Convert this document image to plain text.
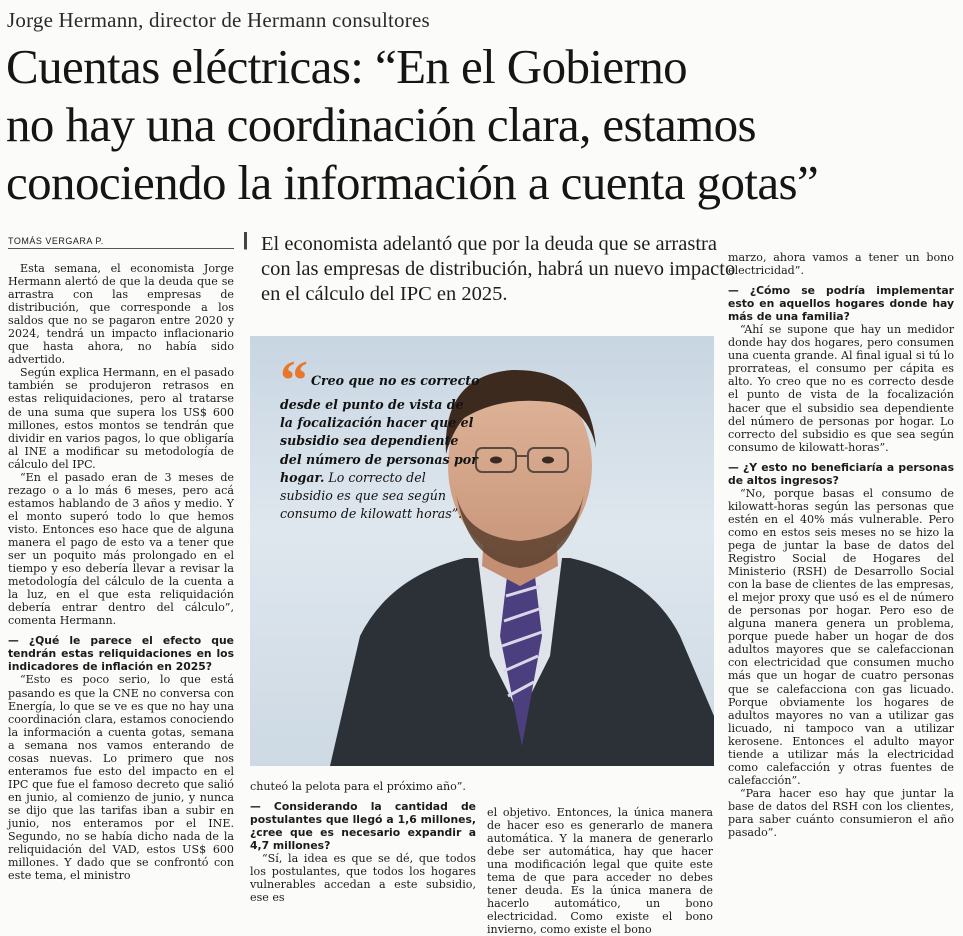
Jorge Hermann, director de Hermann consultores
Cuentas eléctricas: “En el Gobierno
no hay una coordinación clara, estamos
conociendo la información a cuenta gotas”
TOMÁS VERGARA P.

Esta semana, el economista Jorge Hermann alertó de que la deuda que se arrastra con las empresas de distribución, que corresponde a los saldos que no se pagaron entre 2020 y 2024, tendrá un impacto inflacionario que hasta ahora, no había sido advertido.

Según explica Hermann, en el pasado también se produjeron retrasos en estas reliquidaciones, pero al tratarse de una suma que supera los US$ 600 millones, estos montos se tendrán que dividir en varios pagos, lo que obligaría al INE a modificar su metodología de cálculo del IPC.

“En el pasado eran de 3 meses de rezago o a lo más 6 meses, pero acá estamos hablando de 3 años y medio. Y el monto superó todo lo que hemos visto. Entonces eso hace que de alguna manera el pago de esto va a tener que ser un poquito más prolongado en el tiempo y eso debería llevar a revisar la metodología del cálculo de la cuenta a la luz, en el que esta reliquidación debería entrar dentro del cálculo”, comenta Hermann.

— ¿Qué le parece el efecto que tendrán estas reliquidaciones en los indicadores de inflación en 2025?

“Esto es poco serio, lo que está pasando es que la CNE no conversa con Energía, lo que se ve es que no hay una coordinación clara, estamos conociendo la información a cuenta gotas, semana a semana nos vamos enterando de cosas nuevas. Lo primero que nos enteramos fue esto del impacto en el IPC que fue el famoso decreto que salió en junio, al comienzo de junio, y nunca se dijo que las tarifas iban a subir en junio, nos enteramos por el INE. Segundo, no se había dicho nada de la reliquidación del VAD, estos US$ 600 millones. Y dado que se confrontó con este tema, el ministro

El economista adelantó que por la deuda que se arrastra con las empresas de distribución, habrá un nuevo impacto en el cálculo del IPC en 2025.
“ Creo que no es correcto desde el punto de vista de la focalización hacer que el subsidio sea dependiente del número de personas por hogar. Lo correcto del subsidio es que sea según consumo de kilowatt horas”.
PICASA

chuteó la pelota para el próximo año”.

— Considerando la cantidad de postulantes que llegó a 1,6 millones, ¿cree que es necesario expandir a 4,7 millones?

“Sí, la idea es que se dé, que todos los postulantes, que todos los hogares vulnerables accedan a este subsidio, ese es

el objetivo. Entonces, la única manera de hacer eso es generarlo de manera automática. Y la manera de generarlo debe ser automática, hay que hacer una modificación legal que quite este tema de que para acceder no debes tener deuda. Es la única manera de hacerlo automático, un bono electricidad. Como existe el bono invierno, como existe el bono

marzo, ahora vamos a tener un bono electricidad”.

— ¿Cómo se podría implementar esto en aquellos hogares donde hay más de una familia?

“Ahí se supone que hay un medidor donde hay dos hogares, pero consumen una cuenta grande. Al final igual si tú lo prorrateas, el consumo per cápita es alto. Yo creo que no es correcto desde el punto de vista de la focalización hacer que el subsidio sea dependiente del número de personas por hogar. Lo correcto del subsidio es que sea según consumo de kilowatt-horas”.

— ¿Y esto no beneficiaría a personas de altos ingresos?

“No, porque basas el consumo de kilowatt-horas según las personas que estén en el 40% más vulnerable. Pero como en estos seis meses no se hizo la pega de juntar la base de datos del Registro Social de Hogares del Ministerio (RSH) de Desarrollo Social con la base de clientes de las empresas, el mejor proxy que usó es el de número de personas por hogar. Pero eso de alguna manera genera un problema, porque puede haber un hogar de dos adultos mayores que se calefaccionan con electricidad que consumen mucho más que un hogar de cuatro personas que se calefacciona con gas licuado. Porque obviamente los hogares de adultos mayores no van a utilizar gas licuado, ni tampoco van a utilizar kerosene. Entonces el adulto mayor tiende a utilizar más la electricidad como calefacción y otras fuentes de calefacción”.

“Para hacer eso hay que juntar la base de datos del RSH con los clientes, para saber cuánto consumieron el año pasado”.
